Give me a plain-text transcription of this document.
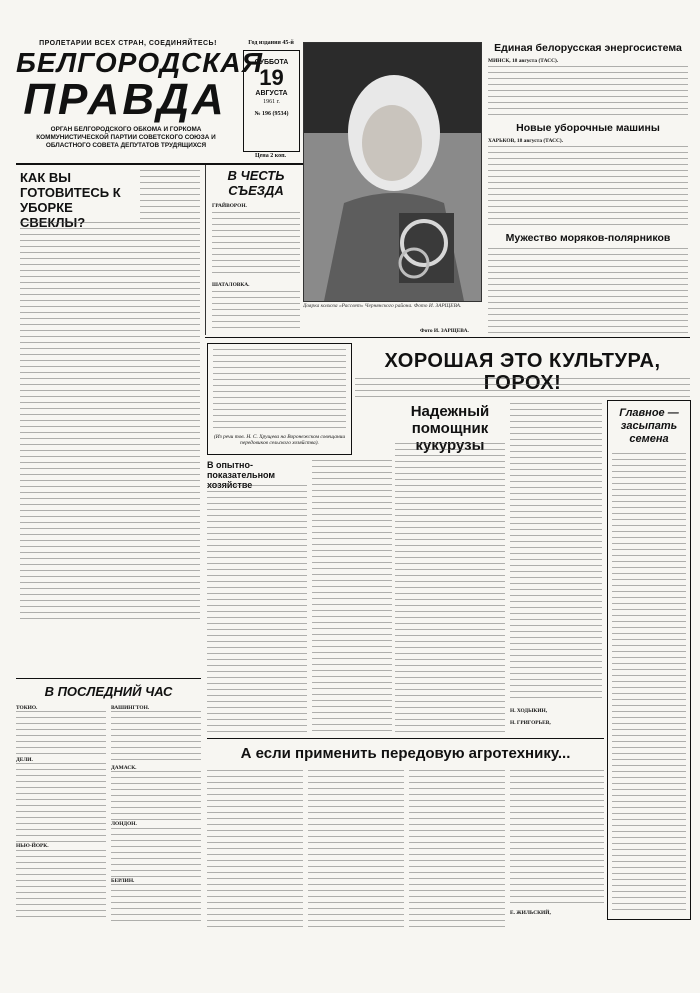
ПРОЛЕТАРИИ ВСЕХ СТРАН, СОЕДИНЯЙТЕСЬ!
БЕЛГОРОДСКАЯ
ПРАВДА
ОРГАН БЕЛГОРОДСКОГО ОБКОМА И ГОРКОМА КОММУНИСТИЧЕСКОЙ ПАРТИИ СОВЕТСКОГО СОЮЗА И ОБЛАСТНОГО СОВЕТА ДЕПУТАТОВ ТРУДЯЩИХСЯ
Год издания 45-й
СУББОТА
19
АВГУСТА
1961 г.
№ 196 (9534)
Цена 2 коп.
КАК ВЫ ГОТОВИТЕСЬ К УБОРКЕ СВЕКЛЫ?
В ЧЕСТЬ СЪЕЗДА
ГРАЙВОРОН.
ШАТАЛОВКА.
Доярка колхоза «Рассвет» Чернянского района. Фото И. ЗАРЩЕВА.
Фото И. ЗАРЩЕВА.
Единая белорусская энергосистема
МИНСК, 18 августа (ТАСС).
Новые уборочные машины
ХАРЬКОВ, 18 августа (ТАСС).
Мужество моряков-полярников
(Из речи тов. Н. С. Хрущева на Воронежском совещании передовиков сельского хозяйства).
ХОРОШАЯ ЭТО КУЛЬТУРА, ГОРОХ!
В опытно-показательном хозяйстве
Надежный помощник кукурузы
Н. ХОДЫКИН,
Н. ГРИГОРЬЕВ,
Главное — засыпать семена
В ПОСЛЕДНИЙ ЧАС
ТОКИО.
ДЕЛИ.
НЬЮ-ЙОРК.
ВАШИНГТОН.
ДАМАСК.
ЛОНДОН.
БЕРЛИН.
А если применить передовую агротехнику...
Е. ЖИЛЬСКИЙ,
